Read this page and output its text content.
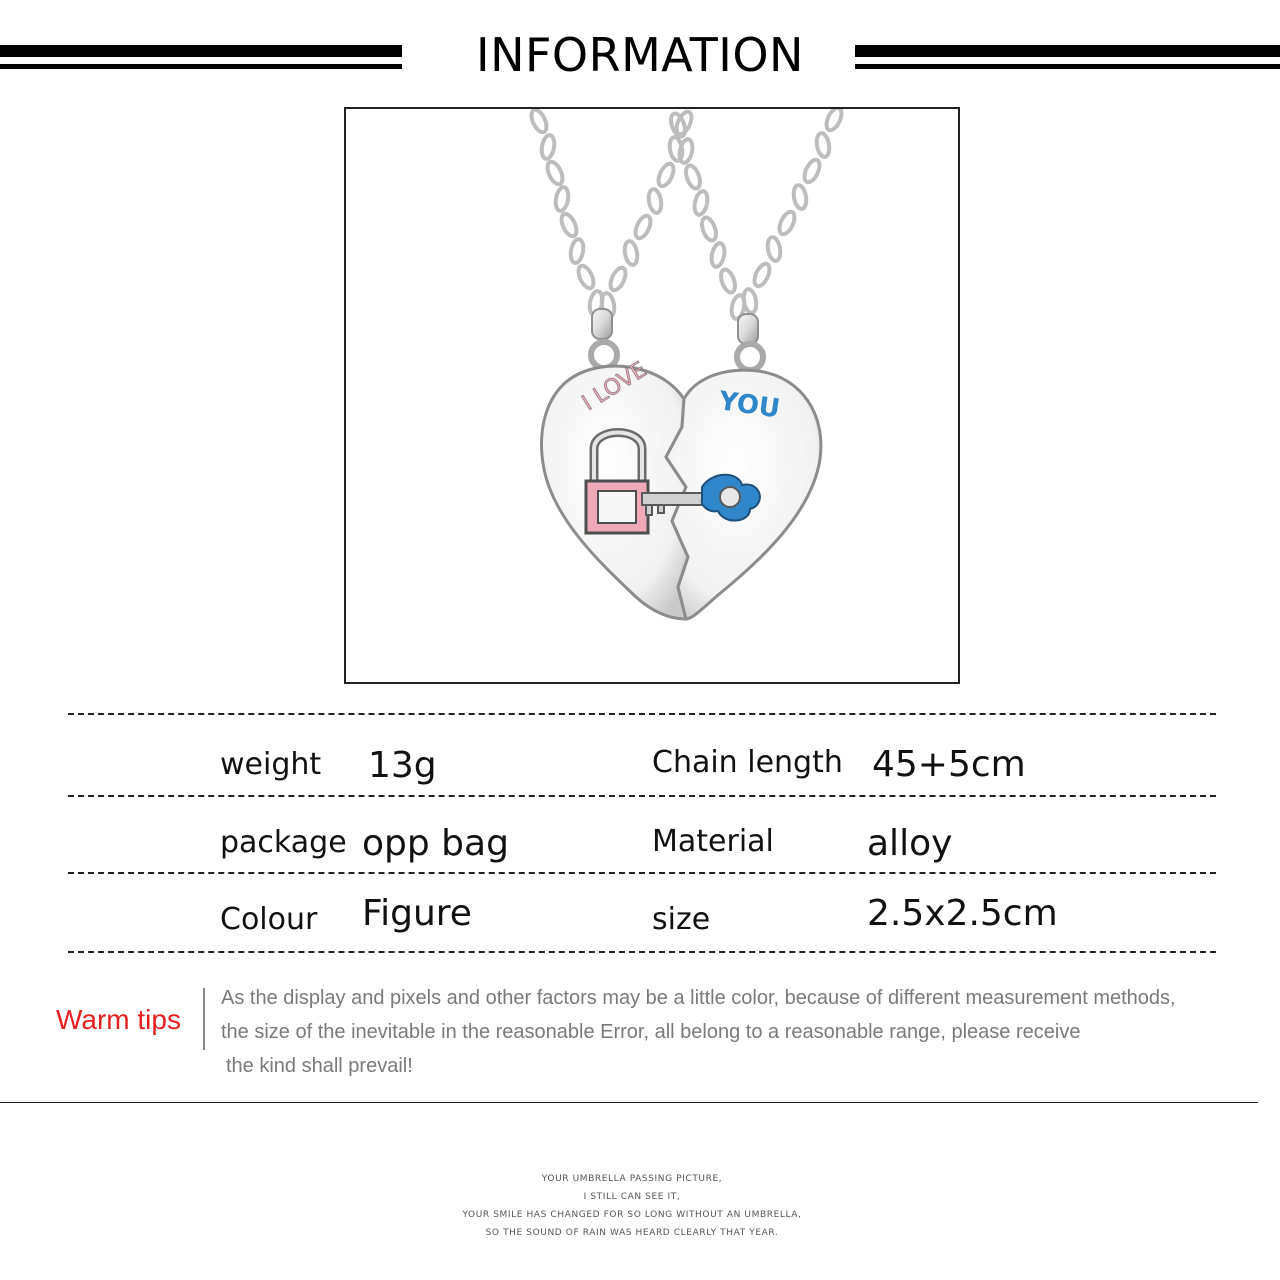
INFORMATION
I LOVE	YOU
weight 13g	Chain length 45+5cm
package opp bag	Material	alloy
Colour Figure	size	2.5x2.5cm
Warm tips
As the display and pixels and other factors may be a little color, because of different measurement methods,
the size of the inevitable in the reasonable Error, all belong to a reasonable range, please receive
the kind shall prevail!
YOUR UMBRELLA PASSING PICTURE,
I STILL CAN SEE IT,
YOUR SMILE HAS CHANGED FOR SO LONG WITHOUT AN UMBRELLA,
SO THE SOUND OF RAIN WAS HEARD CLEARLY THAT YEAR.
